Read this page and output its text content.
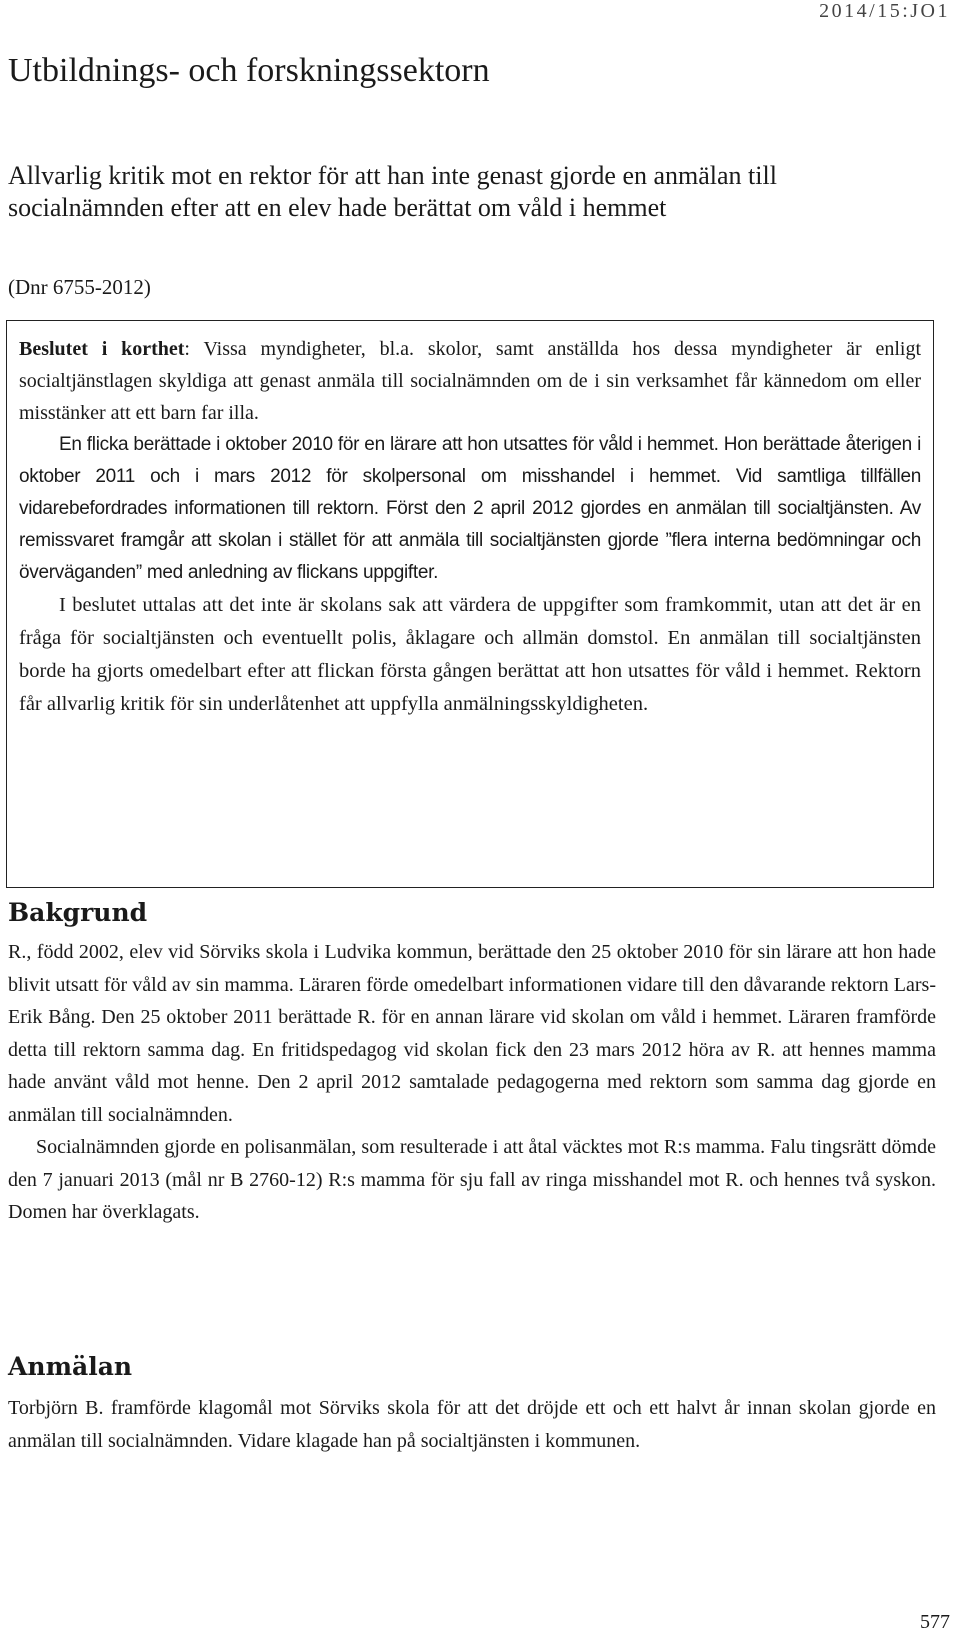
2014/15:JO1
Utbildnings- och forskningssektorn
Allvarlig kritik mot en rektor för att han inte genast gjorde en anmälan till socialnämnden efter att en elev hade berättat om våld i hemmet

(Dnr 6755-2012)

Beslutet i korthet: Vissa myndigheter, bl.a. skolor, samt anställda hos dessa myndigheter är enligt socialtjänstlagen skyldiga att genast anmäla till socialnämnden om de i sin verksamhet får kännedom om eller misstänker att ett barn far illa.

En flicka berättade i oktober 2010 för en lärare att hon utsattes för våld i hemmet. Hon berättade återigen i oktober 2011 och i mars 2012 för skolpersonal om misshandel i hemmet. Vid samtliga tillfällen vidarebefordrades informationen till rektorn. Först den 2 april 2012 gjordes en anmälan till socialtjänsten. Av remissvaret framgår att skolan i stället för att anmäla till socialtjänsten gjorde ”flera interna bedömningar och överväganden” med anledning av flickans uppgifter.

I beslutet uttalas att det inte är skolans sak att värdera de uppgifter som framkommit, utan att det är en fråga för socialtjänsten och eventuellt polis, åklagare och allmän domstol. En anmälan till socialtjänsten borde ha gjorts omedelbart efter att flickan första gången berättat att hon utsattes för våld i hemmet. Rektorn får allvarlig kritik för sin underlåtenhet att uppfylla anmälningsskyldigheten.

Bakgrund

R., född 2002, elev vid Sörviks skola i Ludvika kommun, berättade den 25 oktober 2010 för sin lärare att hon hade blivit utsatt för våld av sin mamma. Läraren förde omedelbart informationen vidare till den dåvarande rektorn Lars-Erik Bång. Den 25 oktober 2011 berättade R. för en annan lärare vid skolan om våld i hemmet. Läraren framförde detta till rektorn samma dag. En fritidspedagog vid skolan fick den 23 mars 2012 höra av R. att hennes mamma hade använt våld mot henne. Den 2 april 2012 samtalade pedagogerna med rektorn som samma dag gjorde en anmälan till socialnämnden.

Socialnämnden gjorde en polisanmälan, som resulterade i att åtal väcktes mot R:s mamma. Falu tingsrätt dömde den 7 januari 2013 (mål nr B 2760-12) R:s mamma för sju fall av ringa misshandel mot R. och hennes två syskon. Domen har överklagats.

Anmälan

Torbjörn B. framförde klagomål mot Sörviks skola för att det dröjde ett och ett halvt år innan skolan gjorde en anmälan till socialnämnden. Vidare klagade han på socialtjänsten i kommunen.

577
